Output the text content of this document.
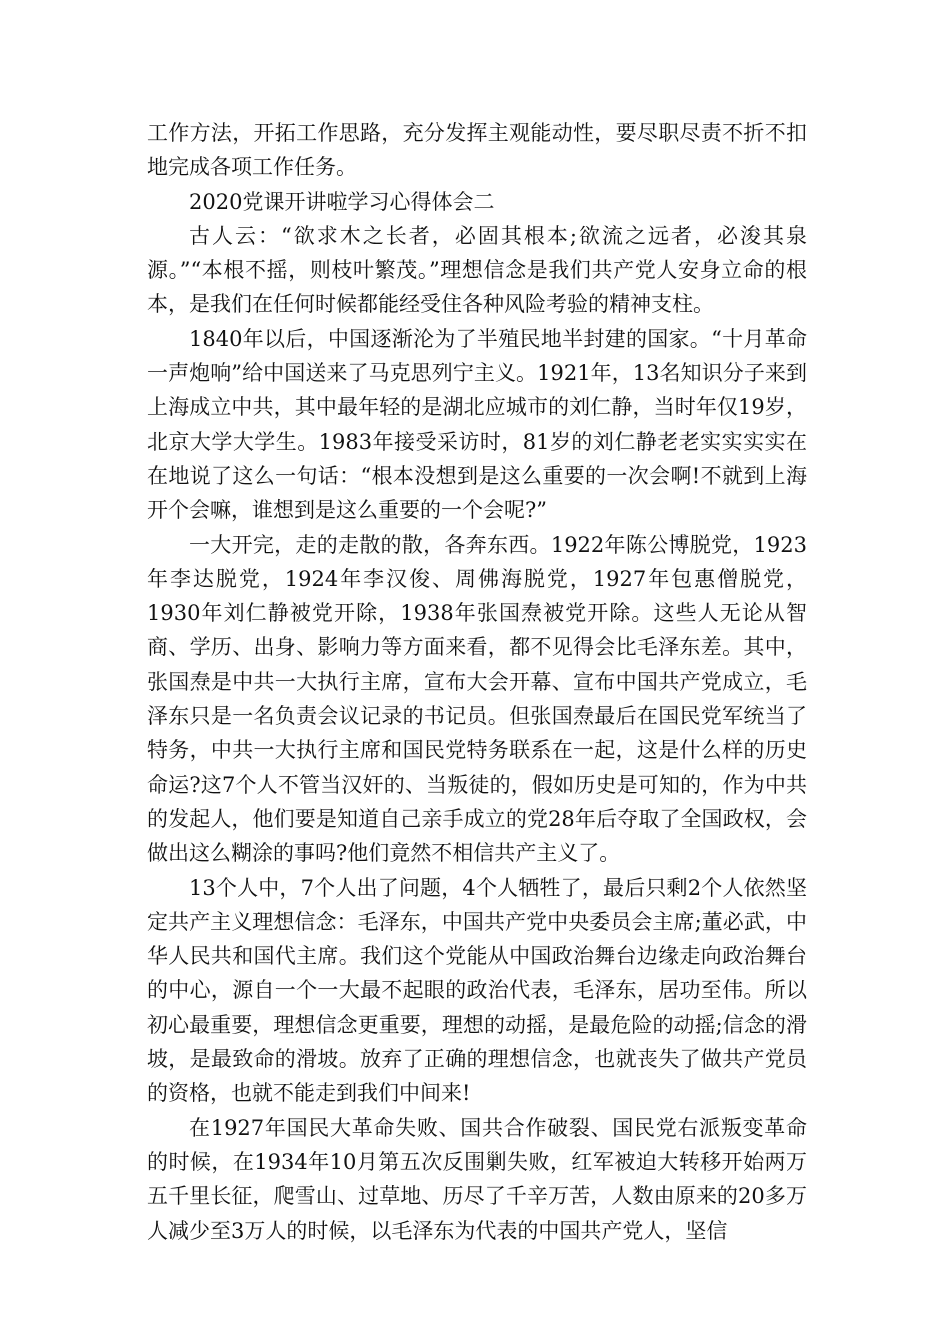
工作方法，开拓工作思路，充分发挥主观能动性，要尽职尽责不折不扣地完成各项工作任务。

2020党课开讲啦学习心得体会二

古人云：“欲求木之长者，必固其根本;欲流之远者，必浚其泉源。”“本根不摇，则枝叶繁茂。”理想信念是我们共产党人安身立命的根本，是我们在任何时候都能经受住各种风险考验的精神支柱。

1840年以后，中国逐渐沦为了半殖民地半封建的国家。“十月革命一声炮响”给中国送来了马克思列宁主义。1921年，13名知识分子来到上海成立中共，其中最年轻的是湖北应城市的刘仁静，当时年仅19岁，北京大学大学生。1983年接受采访时，81岁的刘仁静老老实实实实在在地说了这么一句话：“根本没想到是这么重要的一次会啊!不就到上海开个会嘛，谁想到是这么重要的一个会呢?”

一大开完，走的走散的散，各奔东西。1922年陈公博脱党，1923年李达脱党，1924年李汉俊、周佛海脱党，1927年包惠僧脱党，1930年刘仁静被党开除，1938年张国焘被党开除。这些人无论从智商、学历、出身、影响力等方面来看，都不见得会比毛泽东差。其中，张国焘是中共一大执行主席，宣布大会开幕、宣布中国共产党成立，毛泽东只是一名负责会议记录的书记员。但张国焘最后在国民党军统当了特务，中共一大执行主席和国民党特务联系在一起，这是什么样的历史命运?这7个人不管当汉奸的、当叛徒的，假如历史是可知的，作为中共的发起人，他们要是知道自己亲手成立的党28年后夺取了全国政权，会做出这么糊涂的事吗?他们竟然不相信共产主义了。

13个人中，7个人出了问题，4个人牺牲了，最后只剩2个人依然坚定共产主义理想信念：毛泽东，中国共产党中央委员会主席;董必武，中华人民共和国代主席。我们这个党能从中国政治舞台边缘走向政治舞台的中心，源自一个一大最不起眼的政治代表，毛泽东，居功至伟。所以初心最重要，理想信念更重要，理想的动摇，是最危险的动摇;信念的滑坡，是最致命的滑坡。放弃了正确的理想信念，也就丧失了做共产党员的资格，也就不能走到我们中间来!

在1927年国民大革命失败、国共合作破裂、国民党右派叛变革命的时候，在1934年10月第五次反围剿失败，红军被迫大转移开始两万五千里长征，爬雪山、过草地、历尽了千辛万苦，人数由原来的20多万人减少至3万人的时候，以毛泽东为代表的中国共产党人，坚信
